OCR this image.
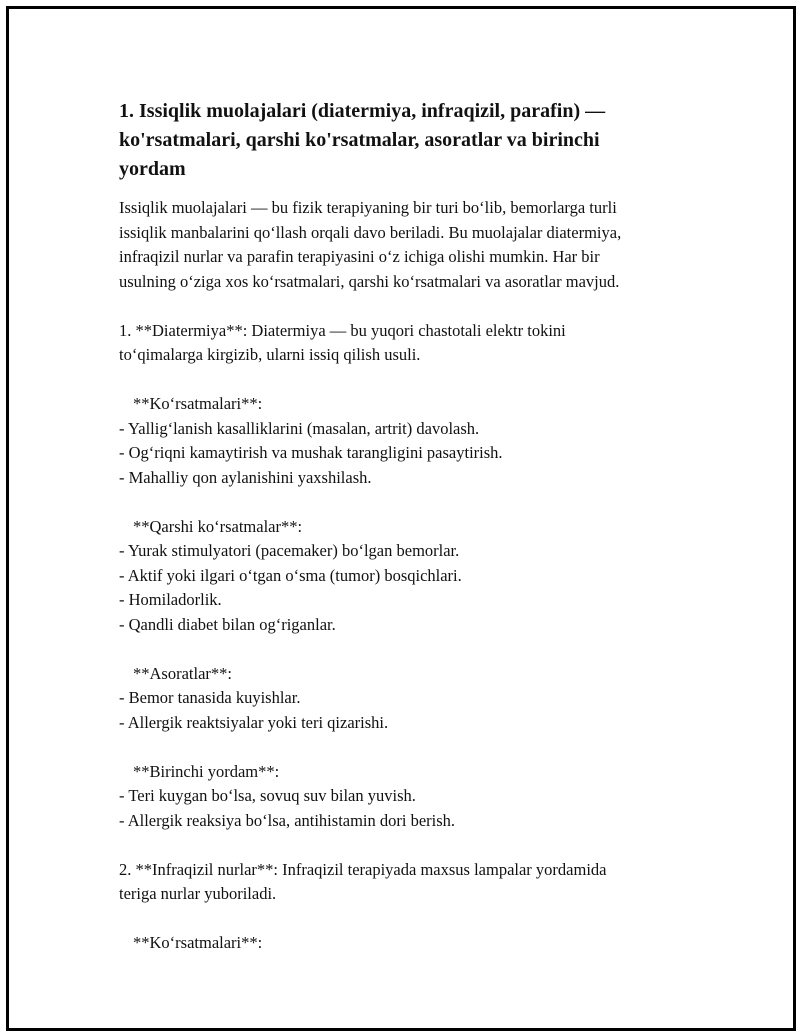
1. Issiqlik muolajalari (diatermiya, infraqizil, parafin) —
ko'rsatmalari, qarshi ko'rsatmalar, asoratlar va birinchi
yordam

Issiqlik muolajalari — bu fizik terapiyaning bir turi bo‘lib, bemorlarga turli
issiqlik manbalarini qo‘llash orqali davo beriladi. Bu muolajalar diatermiya,
infraqizil nurlar va parafin terapiyasini o‘z ichiga olishi mumkin. Har bir
usulning o‘ziga xos ko‘rsatmalari, qarshi ko‘rsatmalari va asoratlar mavjud.

1. **Diatermiya**: Diatermiya — bu yuqori chastotali elektr tokini
to‘qimalarga kirgizib, ularni issiq qilish usuli.

**Ko‘rsatmalari**:
- Yallig‘lanish kasalliklarini (masalan, artrit) davolash.
- Og‘riqni kamaytirish va mushak tarangligini pasaytirish.
- Mahalliy qon aylanishini yaxshilash.
**Qarshi ko‘rsatmalar**:
- Yurak stimulyatori (pacemaker) bo‘lgan bemorlar.
- Aktif yoki ilgari o‘tgan o‘sma (tumor) bosqichlari.
- Homiladorlik.
- Qandli diabet bilan og‘riganlar.
**Asoratlar**:
- Bemor tanasida kuyishlar.
- Allergik reaktsiyalar yoki teri qizarishi.
**Birinchi yordam**:
- Teri kuygan bo‘lsa, sovuq suv bilan yuvish.
- Allergik reaksiya bo‘lsa, antihistamin dori berish.

2. **Infraqizil nurlar**: Infraqizil terapiyada maxsus lampalar yordamida
teriga nurlar yuboriladi.

**Ko‘rsatmalari**:
